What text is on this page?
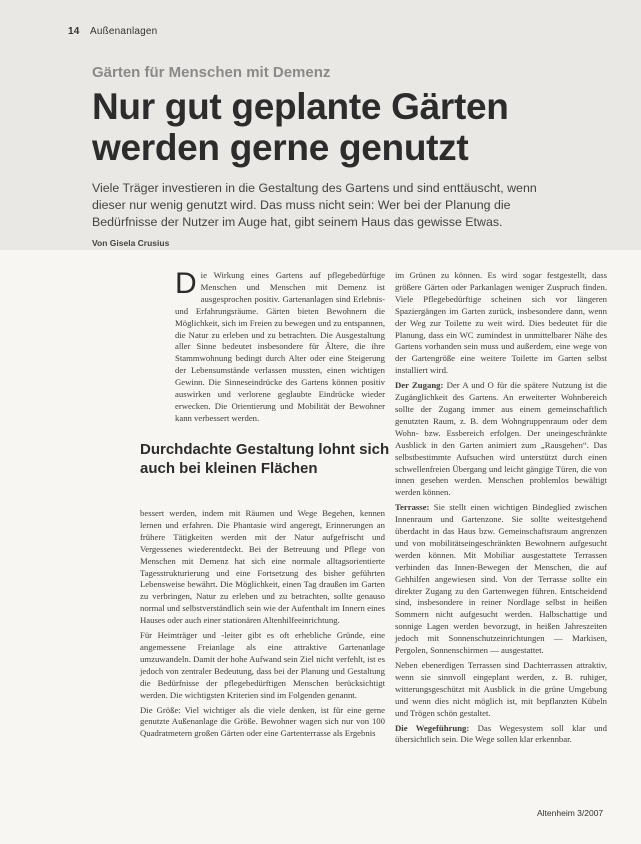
14 Außenanlagen
Gärten für Menschen mit Demenz
Nur gut geplante Gärten werden gerne genutzt
Viele Träger investieren in die Gestaltung des Gartens und sind enttäuscht, wenn dieser nur wenig genutzt wird. Das muss nicht sein: Wer bei der Planung die Bedürfnisse der Nutzer im Auge hat, gibt seinem Haus das gewisse Etwas.
Von Gisela Crusius

Die Wirkung eines Gartens auf pflegebedürftige Menschen und Menschen mit Demenz ist ausgesprochen positiv. Gartenanlagen sind Erlebnis- und Erfahrungsräume. Gärten bieten Bewohnern die Möglichkeit, sich im Freien zu bewegen und zu entspannen, die Natur zu erleben und zu betrachten. Die Ausgestaltung aller Sinne bedeutet insbesondere für Ältere, die ihre Stammwohnung bedingt durch Alter oder eine Steigerung der Lebensumstände verlassen mussten, einen wichtigen Gewinn. Die Sinneseindrücke des Gartens können positiv auswirken und verlorene geglaubte Eindrücke wieder erwecken. Die Orientierung und Mobilität der Bewohner kann verbessert werden.

Durchdachte Gestaltung lohnt sich auch bei kleinen Flächen

bessert werden, indem mit Räumen und Wege Begehen, kennen lernen und erfahren. Die Phantasie wird angeregt, Erinnerungen an frühere Tätigkeiten werden mit der Natur aufgefrischt und Vergessenes wiederentdeckt. Bei der Betreuung und Pflege von Menschen mit Demenz hat sich eine normale alltagsorientierte Tagesstrukturierung und eine Fortsetzung des bisher geführten Lebensweise bewährt. Die Möglichkeit, einen Tag draußen im Garten zu verbringen, Natur zu erleben und zu betrachten, sollte genauso normal und selbstverständlich sein wie der Aufenthalt im Innern eines Hauses oder auch einer stationären Altenhilfeeinrichtung.

Für Heimträger und -leiter gibt es oft erhebliche Gründe, eine angemessene Freianlage als eine attraktive Gartenanlage umzuwandeln. Damit der hohe Aufwand sein Ziel nicht verfehlt, ist es jedoch von zentraler Bedeutung, dass bei der Planung und Gestaltung die Bedürfnisse der pflegebedürftigen Menschen berücksichtigt werden. Die wichtigsten Kriterien sind im Folgenden genannt.

Die Größe: Viel wichtiger als die viele denken, ist für eine gerne genutzte Außenanlage die Größe. Bewohner wagen sich nur von 100 Quadratmetern großen Gärten oder eine Gartenterrasse als Ergebnis

im Grünen zu können. Es wird sogar festgestellt, dass größere Gärten oder Parkanlagen weniger Zuspruch finden. Viele Pflegebedürftige scheinen sich vor längeren Spaziergängen im Garten zurück, insbesondere dann, wenn der Weg zur Toilette zu weit wird. Dies bedeutet für die Planung, dass ein WC zumindest in unmittelbarer Nähe des Gartens vorhanden sein muss und außerdem, eine wege von der Gartengröße eine weitere Toilette im Garten selbst installiert wird.

Der Zugang: Der A und O für die spätere Nutzung ist die Zugänglichkeit des Gartens. An erweiterter Wohnbereich sollte der Zugang immer aus einem gemeinschaftlich genutzten Raum, z. B. dem Wohngruppenraum oder dem Wohn- bzw. Essbereich erfolgen. Der uneingeschränkte Ausblick in den Garten animiert zum „Rausgehen“. Das selbstbestimmte Aufsuchen wird unterstützt durch einen schwellenfreien Übergang und leicht gängige Türen, die von innen gesehen werden. Menschen problemlos bewältigt werden können.

Terrasse: Sie stellt einen wichtigen Bindeglied zwischen Innenraum und Gartenzone. Sie sollte weitestgehend überdacht in das Haus bzw. Gemeinschaftsraum angrenzen und von mobilitätseingeschränkten Bewohnern aufgesucht werden können. Mit Mobiliar ausgestattete Terrassen verbinden das Innen-Bewegen der Menschen, die auf Gehhilfen angewiesen sind. Von der Terrasse sollte ein direkter Zugang zu den Gartenwegen führen. Entscheidend sind, insbesondere in reiner Nordlage selbst in heißen Sommern nicht aufgesucht werden. Halbschattige und sonnige Lagen werden bevorzugt, in heißen Jahreszeiten jedoch mit Sonnenschutzeinrichtungen — Markisen, Pergolen, Sonnenschirmen — ausgestattet.

Neben ebenerdigen Terrassen sind Dachterrassen attraktiv, wenn sie sinnvoll eingeplant werden, z. B. ruhiger, witterungsgeschützt mit Ausblick in die grüne Umgebung und wenn dies nicht möglich ist, mit bepflanzten Kübeln und Trögen schön gestaltet.

Die Wegeführung: Das Wegesystem soll klar und übersichtlich sein. Die Wege sollen klar erkennbar.

Altenheim 3/2007
